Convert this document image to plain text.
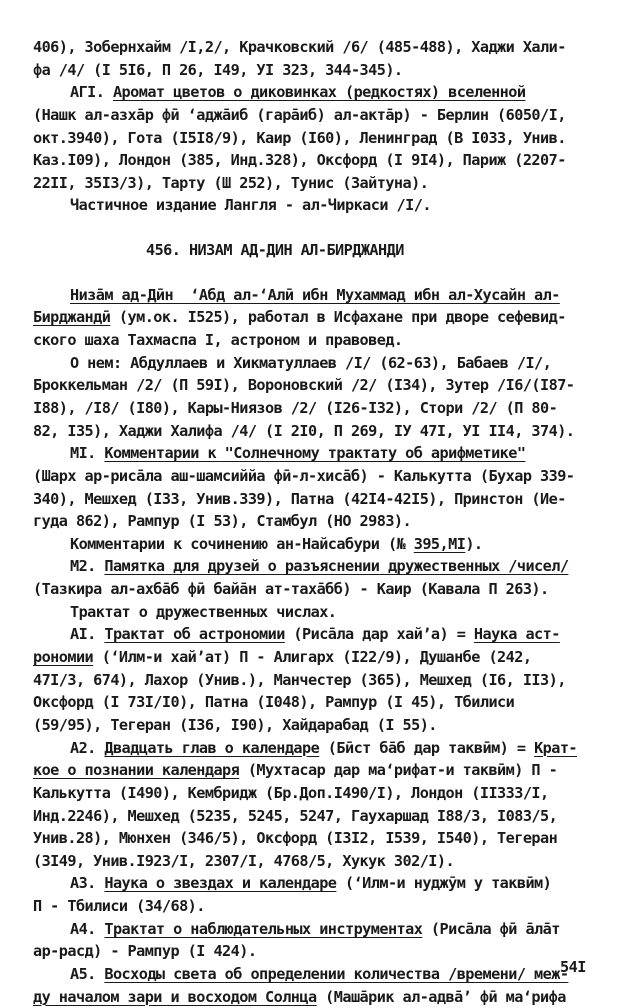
406), Зобернхайм /I,2/, Крачковский /6/ (485-488), Хаджи Хали-
фа /4/ (I 5I6, П 26, I49, УI 323, 344-345).
АГI. Аромат цветов о диковинках (редкостях) вселенной
(Нашк ал-азха̄р фӣ ʻаджа̄иб (гара̄иб) ал-акта̄р) - Берлин (6050/I,
окт.3940), Гота (I5I8/9), Каир (I60), Ленинград (В I033, Унив.
Каз.I09), Лондон (385, Инд.328), Оксфорд (I 9I4), Париж (2207-
22II, 35I3/3), Тарту (Ш 252), Тунис (Зайтуна).
Частичное издание Лангля - ал-Чиркаси /I/.
456. НИЗАМ АД-ДИН АЛ-БИРДЖАНДИ
Низа̄м ад-Дӣн  ʻАбд ал-ʻАлӣ ибн Мухаммад ибн ал-Хусайн ал-
Бирджандӣ (ум.ок. I525), работал в Исфахане при дворе сефевид-
ского шаха Тахмаспа I, астроном и правовед.
О нем: Абдуллаев и Хикматуллаев /I/ (62-63), Бабаев /I/,
Броккельман /2/ (П 59I), Вороновский /2/ (I34), Зутер /I6/(I87-
I88), /I8/ (I80), Кары-Ниязов /2/ (I26-I32), Стори /2/ (П 80-
82, I35), Хаджи Халифа /4/ (I 2I0, П 269, IУ 47I, УI II4, 374).
МI. Комментарии к "Солнечному трактату об арифметике"
(Шарх ар-риса̄ла аш-шамсиййа фӣ-л-хиса̄б) - Калькутта (Бухар 339-
340), Мешхед (I33, Унив.339), Патна (42I4-42I5), Принстон (Ие-
гуда 862), Рампур (I 53), Стамбул (НО 2983).
Комментарии к сочинению ан-Найсабури (№ 395,МI).
М2. Памятка для друзей о разъяснении дружественных /чисел/
(Тазкира ал-ахба̄б фӣ байа̄н ат-таха̄бб) - Каир (Кавала П 263).
Трактат о дружественных числах.
АI. Трактат об астрономии (Риса̄ла дар хайʼа) = Наука аст-
рономии (ʻИлм-и хайʼат) П - Алигарх (I22/9), Душанбе (242,
47I/3, 674), Лахор (Унив.), Манчестер (365), Мешхед (I6, II3),
Оксфорд (I 73I/I0), Патна (I048), Рампур (I 45), Тбилиси
(59/95), Тегеран (I36, I90), Хайдарабад (I 55).
А2. Двадцать глав о календаре (Бӣст ба̄б дар таквӣм) = Крат-
кое о познании календаря (Мухтасар дар маʻрифат-и таквӣм) П -
Калькутта (I490), Кембридж (Бр.Доп.I490/I), Лондон (II333/I,
Инд.2246), Мешхед (5235, 5245, 5247, Гаухаршад I88/3, I083/5,
Унив.28), Мюнхен (346/5), Оксфорд (I3I2, I539, I540), Тегеран
(3I49, Унив.I923/I, 2307/I, 4768/5, Хукук 302/I).
А3. Наука о звездах и календаре (ʻИлм-и нуджӯм у таквӣм)
П - Тбилиси (34/68).
А4. Трактат о наблюдательных инструментах (Риса̄ла фӣ а̄ла̄т
ар-расд) - Рампур (I 424).
А5. Восходы света об определении количества /времени/ меж-
ду началом зари и восходом Солнца (Маша̄рик ал-адва̄ʼ фӣ маʻрифа
54I
